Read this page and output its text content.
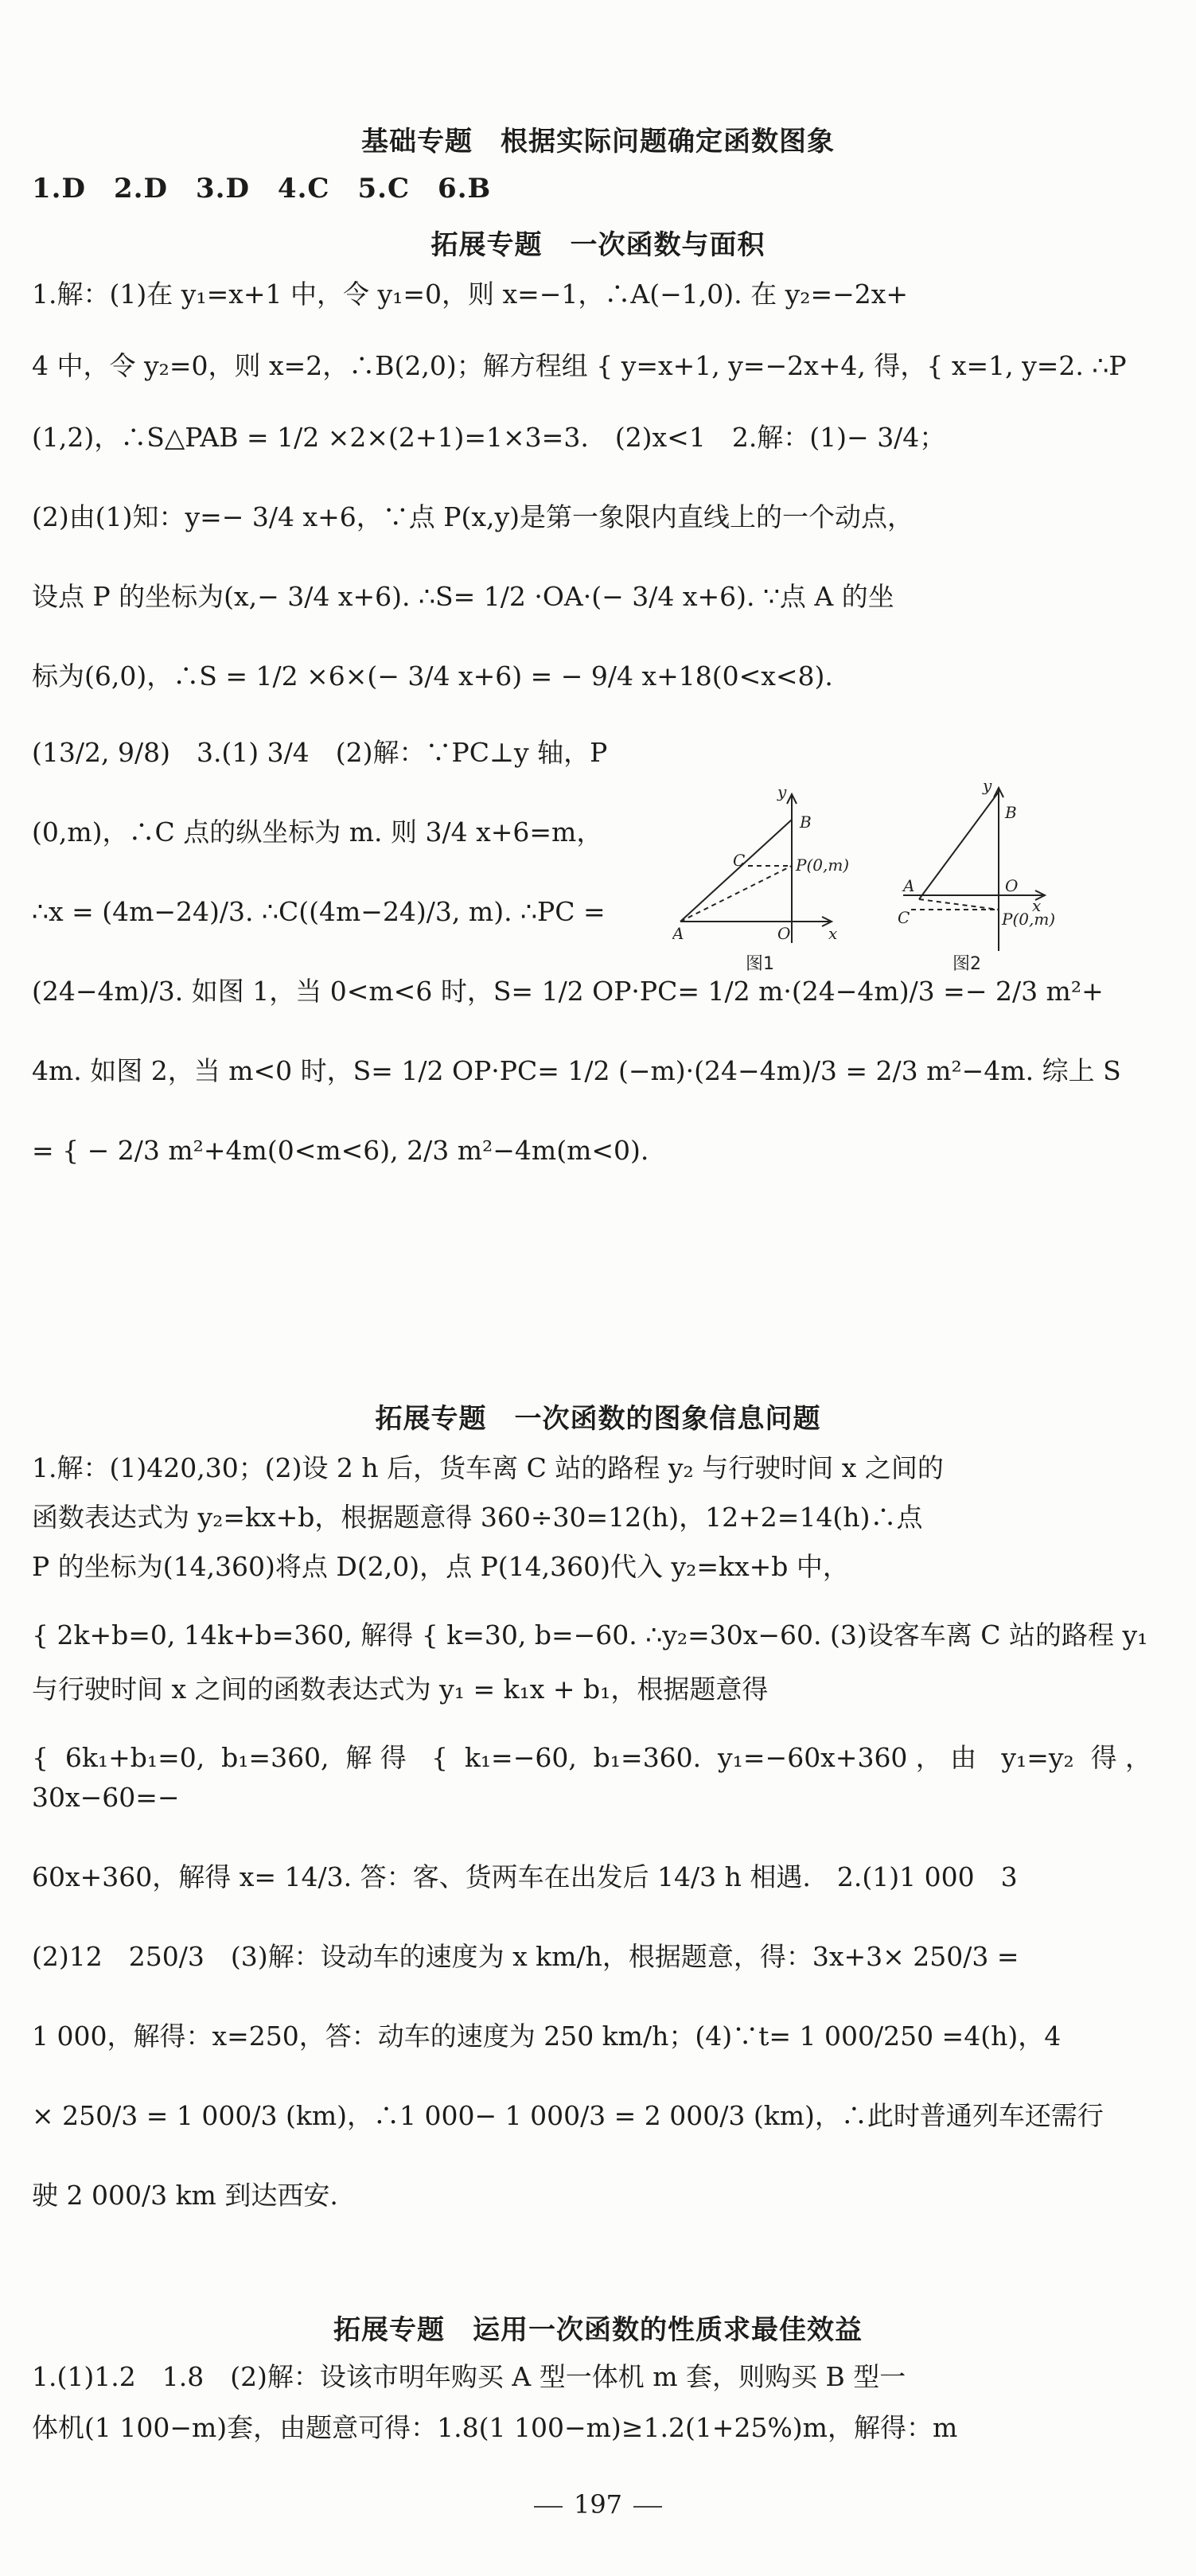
基础专题　根据实际问题确定函数图象

1.D　2.D　3.D　4.C　5.C　6.B

拓展专题　一次函数与面积

1.解：(1)在 y₁=x+1 中，令 y₁=0，则 x=−1，∴A(−1,0). 在 y₂=−2x+

4 中，令 y₂=0，则 x=2，∴B(2,0)；解方程组 { y=x+1, y=−2x+4, 得，{ x=1, y=2. ∴P

(1,2)，∴S△PAB = 1/2 ×2×(2+1)=1×3=3.　(2)x<1　2.解：(1)− 3/4；

(2)由(1)知：y=− 3/4 x+6，∵点 P(x,y)是第一象限内直线上的一个动点，

设点 P 的坐标为(x,− 3/4 x+6). ∴S= 1/2 ·OA·(− 3/4 x+6). ∵点 A 的坐

标为(6,0)，∴S = 1/2 ×6×(− 3/4 x+6) = − 9/4 x+18(0<x<8).

(13/2, 9/8)　3.(1) 3/4　(2)解：∵PC⊥y 轴，P

(0,m)，∴C 点的纵坐标为 m. 则 3/4 x+6=m，

∴x = (4m−24)/3. ∴C((4m−24)/3, m). ∴PC =

(24−4m)/3. 如图 1，当 0<m<6 时，S= 1/2 OP·PC= 1/2 m·(24−4m)/3 =− 2/3 m²+

4m. 如图 2，当 m<0 时，S= 1/2 OP·PC= 1/2 (−m)·(24−4m)/3 = 2/3 m²−4m. 综上 S

= { − 2/3 m²+4m(0<m<6), 2/3 m²−4m(m<0).

y
B
C	P(0,m)
A	O x
图1
y
B
A	O
x
C	P(0,m)
图2
拓展专题　一次函数的图象信息问题

1.解：(1)420,30；(2)设 2 h 后，货车离 C 站的路程 y₂ 与行驶时间 x 之间的

函数表达式为 y₂=kx+b，根据题意得 360÷30=12(h)，12+2=14(h)∴点

P 的坐标为(14,360)将点 D(2,0)，点 P(14,360)代入 y₂=kx+b 中，

{ 2k+b=0, 14k+b=360, 解得 { k=30, b=−60. ∴y₂=30x−60. (3)设客车离 C 站的路程 y₁

与行驶时间 x 之间的函数表达式为 y₁ = k₁x + b₁，根据题意得

{ 6k₁+b₁=0, b₁=360, 解得 { k₁=−60, b₁=360. y₁=−60x+360，由 y₁=y₂ 得，30x−60=−

60x+360，解得 x= 14/3. 答：客、货两车在出发后 14/3 h 相遇.　2.(1)1 000　3

(2)12　250/3　(3)解：设动车的速度为 x km/h，根据题意，得：3x+3× 250/3 =

1 000，解得：x=250，答：动车的速度为 250 km/h；(4)∵t= 1 000/250 =4(h)，4

× 250/3 = 1 000/3 (km)，∴1 000− 1 000/3 = 2 000/3 (km)，∴此时普通列车还需行

驶 2 000/3 km 到达西安.

拓展专题　运用一次函数的性质求最佳效益

1.(1)1.2　1.8　(2)解：设该市明年购买 A 型一体机 m 套，则购买 B 型一

体机(1 100−m)套，由题意可得：1.8(1 100−m)≥1.2(1+25%)m，解得：m

197
